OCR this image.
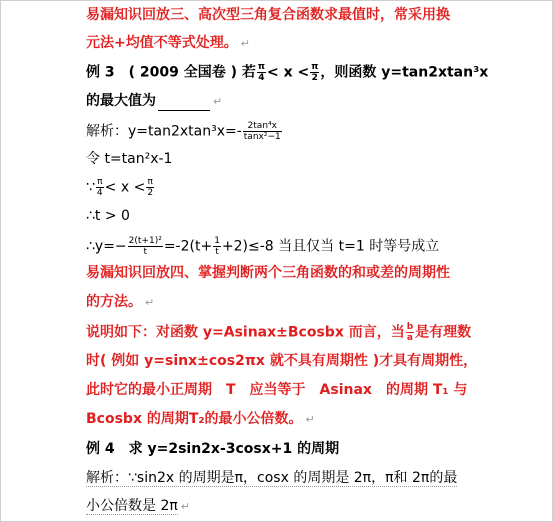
易漏知识回放三、高次型三角复合函数求最值时，常采用换
元法+均值不等式处理。 ↵
例 3　( 2009 全国卷 ) 若 $\frac{\pi}{4} < x < \frac{\pi}{2}$ ，则函数 y=tan2xtan³x
的最大值为	↵
解析：$y=\tan 2xtan^3x=- \frac{\text{2tan⁴x}}{\text{tanx²−1}}$
令 t=tan²x-1
∵ $\frac{\pi}{4} < x < \frac{\pi}{2}$
∴t > 0
∴y=− $\frac{\text{2(t+1)²}}{t} =-2(t+ \frac{1}{t} +2)\le-8$ 当且仅当 t=1 时等号成立
易漏知识回放四、掌握判断两个三角函数的和或差的周期性
的方法。 ↵
说明如下：对函数 y=Asinax±Bcosbx 而言，当 $\frac{b}{a}$ 是有理数
时( 例如 y=sinx±cos2πx 就不具有周期性 )才具有周期性，
此时它的最小正周期　T　应当等于　Asinax　的周期 T₁ 与
Bcosbx 的周期T₂的最小公倍数。 ↵
例 4　求 y=2sin2x-3cosx+1 的周期
解析：∵sin2x 的周期是π，cosx 的周期是 2π，π和 2π的最
小公倍数是 2π ↵
